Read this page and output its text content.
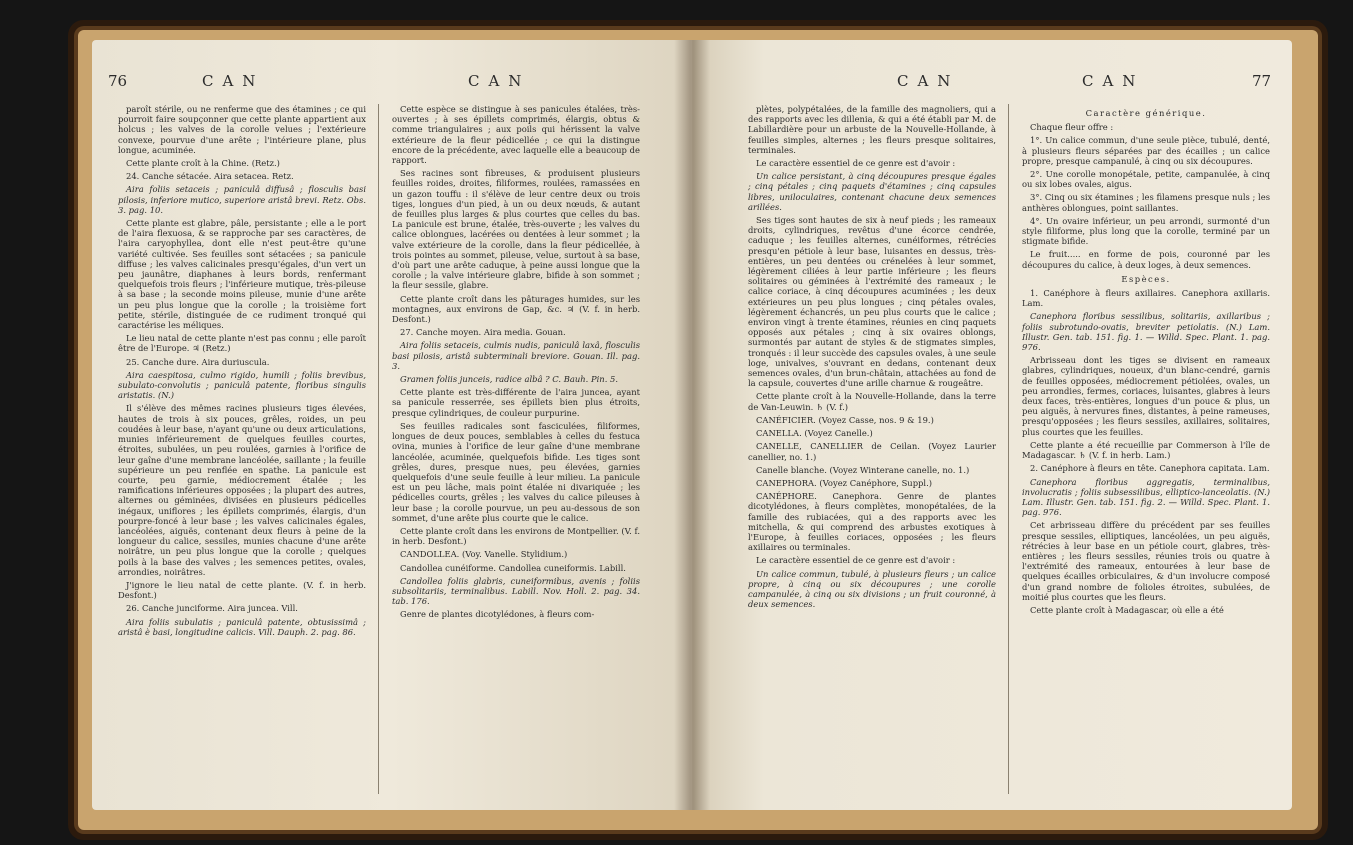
76	CAN	CAN

paroît stérile, ou ne renferme que des étamines ; ce qui pourroit faire soupçonner que cette plante appartient aux holcus ; les valves de la corolle velues ; l'extérieure convexe, pourvue d'une arête ; l'intérieure plane, plus longue, acuminée.

Cette plante croît à la Chine. (Retz.)

24. Canche sétacée. Aira setacea. Retz.

Aira foliis setaceis ; paniculâ diffusâ ; flosculis basi pilosis, inferiore mutico, superiore aristâ brevi. Retz. Obs. 3. pag. 10.

Cette plante est glabre, pâle, persistante ; elle a le port de l'aira flexuosa, & se rapproche par ses caractères, de l'aira caryophyllea, dont elle n'est peut-être qu'une variété cultivée. Ses feuilles sont sétacées ; sa panicule diffuse ; les valves calicinales presqu'égales, d'un vert un peu jaunâtre, diaphanes à leurs bords, renfermant quelquefois trois fleurs ; l'inférieure mutique, très-pileuse à sa base ; la seconde moins pileuse, munie d'une arête un peu plus longue que la corolle ; la troisième fort petite, stérile, distinguée de ce rudiment tronqué qui caractérise les méliques.

Le lieu natal de cette plante n'est pas connu ; elle paroît être de l'Europe. ♃ (Retz.)

25. Canche dure. Aira duriuscula.

Aira caespitosa, culmo rigido, humili ; foliis brevibus, subulato-convolutis ; paniculâ patente, floribus singulis aristatis. (N.)

Il s'élève des mêmes racines plusieurs tiges élevées, hautes de trois à six pouces, grêles, roides, un peu coudées à leur base, n'ayant qu'une ou deux articulations, munies inférieurement de quelques feuilles courtes, étroites, subulées, un peu roulées, garnies à l'orifice de leur gaîne d'une membrane lancéolée, saillante ; la feuille supérieure un peu renflée en spathe. La panicule est courte, peu garnie, médiocrement étalée ; les ramifications inférieures opposées ; la plupart des autres, alternes ou géminées, divisées en plusieurs pédicelles inégaux, uniflores ; les épillets comprimés, élargis, d'un pourpre-foncé à leur base ; les valves calicinales égales, lancéolées, aiguës, contenant deux fleurs à peine de la longueur du calice, sessiles, munies chacune d'une arête noirâtre, un peu plus longue que la corolle ; quelques poils à la base des valves ; les semences petites, ovales, arrondies, noirâtres.

J'ignore le lieu natal de cette plante. (V. f. in herb. Desfont.)

26. Canche junciforme. Aira juncea. Vill.

Aira foliis subulatis ; paniculâ patente, obtusissimâ ; aristâ è basi, longitudine calicis. Vill. Dauph. 2. pag. 86.

Cette espèce se distingue à ses panicules étalées, très-ouvertes ; à ses épillets comprimés, élargis, obtus & comme triangulaires ; aux poils qui hérissent la valve extérieure de la fleur pédicellée ; ce qui la distingue encore de la précédente, avec laquelle elle a beaucoup de rapport.

Ses racines sont fibreuses, & produisent plusieurs feuilles roides, droites, filiformes, roulées, ramassées en un gazon touffu : il s'élève de leur centre deux ou trois tiges, longues d'un pied, à un ou deux nœuds, & autant de feuilles plus larges & plus courtes que celles du bas. La panicule est brune, étalée, très-ouverte ; les valves du calice oblongues, lacérées ou dentées à leur sommet ; la valve extérieure de la corolle, dans la fleur pédicellée, à trois pointes au sommet, pileuse, velue, surtout à sa base, d'où part une arête caduque, à peine aussi longue que la corolle ; la valve intérieure glabre, bifide à son sommet ; la fleur sessile, glabre.

Cette plante croît dans les pâturages humides, sur les montagnes, aux environs de Gap, &c. ♃ (V. f. in herb. Desfont.)

27. Canche moyen. Aira media. Gouan.

Aira foliis setaceis, culmis nudis, paniculâ laxâ, flosculis basi pilosis, aristâ subterminali breviore. Gouan. Ill. pag. 3.

Gramen foliis junceis, radice albâ ? C. Bauh. Pin. 5.

Cette plante est très-différente de l'aira juncea, ayant sa panicule resserrée, ses épillets bien plus étroits, presque cylindriques, de couleur purpurine.

Ses feuilles radicales sont fasciculées, filiformes, longues de deux pouces, semblables à celles du festuca ovina, munies à l'orifice de leur gaîne d'une membrane lancéolée, acuminée, quelquefois bifide. Les tiges sont grêles, dures, presque nues, peu élevées, garnies quelquefois d'une seule feuille à leur milieu. La panicule est un peu lâche, mais point étalée ni divariquée ; les pédicelles courts, grêles ; les valves du calice pileuses à leur base ; la corolle pourvue, un peu au-dessous de son sommet, d'une arête plus courte que le calice.

Cette plante croît dans les environs de Montpellier. (V. f. in herb. Desfont.)

CANDOLLEA. (Voy. Vanelle. Stylidium.)

Candollea cunéiforme. Candollea cuneiformis. Labill.

Candollea foliis glabris, cuneiformibus, avenis ; foliis subsolitariis, terminalibus. Labill. Nov. Holl. 2. pag. 34. tab. 176.

Genre de plantes dicotylédones, à fleurs com-

CAN	CAN	77

plètes, polypétalées, de la famille des magnoliers, qui a des rapports avec les dillenia, & qui a été établi par M. de Labillardière pour un arbuste de la Nouvelle-Hollande, à feuilles simples, alternes ; les fleurs presque solitaires, terminales.

Le caractère essentiel de ce genre est d'avoir :

Un calice persistant, à cinq découpures presque égales ; cinq pétales ; cinq paquets d'étamines ; cinq capsules libres, uniloculaires, contenant chacune deux semences arillées.

Ses tiges sont hautes de six à neuf pieds ; les rameaux droits, cylindriques, revêtus d'une écorce cendrée, caduque ; les feuilles alternes, cunéiformes, rétrécies presqu'en pétiole à leur base, luisantes en dessus, très-entières, un peu dentées ou crénelées à leur sommet, légèrement ciliées à leur partie inférieure ; les fleurs solitaires ou géminées à l'extrémité des rameaux ; le calice coriace, à cinq découpures acuminées ; les deux extérieures un peu plus longues ; cinq pétales ovales, légèrement échancrés, un peu plus courts que le calice ; environ vingt à trente étamines, réunies en cinq paquets opposés aux pétales ; cinq à six ovaires oblongs, surmontés par autant de styles & de stigmates simples, tronqués : il leur succède des capsules ovales, à une seule loge, univalves, s'ouvrant en dedans, contenant deux semences ovales, d'un brun-châtain, attachées au fond de la capsule, couvertes d'une arille charnue & rougeâtre.

Cette plante croît à la Nouvelle-Hollande, dans la terre de Van-Leuwin. ♄ (V. f.)

CANÉFICIER. (Voyez Casse, nos. 9 & 19.)

CANELLA. (Voyez Canelle.)

CANELLE, CANELLIER de Ceilan. (Voyez Laurier canellier, no. 1.)

Canelle blanche. (Voyez Winterane canelle, no. 1.)

CANEPHORA. (Voyez Canéphore, Suppl.)

CANÉPHORE. Canephora. Genre de plantes dicotylédones, à fleurs complètes, monopétalées, de la famille des rubiacées, qui a des rapports avec les mitchella, & qui comprend des arbustes exotiques à l'Europe, à feuilles coriaces, opposées ; les fleurs axillaires ou terminales.

Le caractère essentiel de ce genre est d'avoir :

Un calice commun, tubulé, à plusieurs fleurs ; un calice propre, à cinq ou six découpures ; une corolle campanulée, à cinq ou six divisions ; un fruit couronné, à deux semences.

Caractère générique.

Chaque fleur offre :

1°. Un calice commun, d'une seule pièce, tubulé, denté, à plusieurs fleurs séparées par des écailles ; un calice propre, presque campanulé, à cinq ou six découpures.

2°. Une corolle monopétale, petite, campanulée, à cinq ou six lobes ovales, aigus.

3°. Cinq ou six étamines ; les filamens presque nuls ; les anthères oblongues, point saillantes.

4°. Un ovaire inférieur, un peu arrondi, surmonté d'un style filiforme, plus long que la corolle, terminé par un stigmate bifide.

Le fruit..... en forme de pois, couronné par les découpures du calice, à deux loges, à deux semences.

Espèces.

1. Canéphore à fleurs axillaires. Canephora axillaris. Lam.

Canephora floribus sessilibus, solitariis, axillaribus ; foliis subrotundo-ovatis, breviter petiolatis. (N.) Lam. Illustr. Gen. tab. 151. fig. 1. — Willd. Spec. Plant. 1. pag. 976.

Arbrisseau dont les tiges se divisent en rameaux glabres, cylindriques, noueux, d'un blanc-cendré, garnis de feuilles opposées, médiocrement pétiolées, ovales, un peu arrondies, fermes, coriaces, luisantes, glabres à leurs deux faces, très-entières, longues d'un pouce & plus, un peu aiguës, à nervures fines, distantes, à peine rameuses, presqu'opposées ; les fleurs sessiles, axillaires, solitaires, plus courtes que les feuilles.

Cette plante a été recueillie par Commerson à l'île de Madagascar. ♄ (V. f. in herb. Lam.)

2. Canéphore à fleurs en tête. Canephora capitata. Lam.

Canephora floribus aggregatis, terminalibus, involucratis ; foliis subsessilibus, elliptico-lanceolatis. (N.) Lam. Illustr. Gen. tab. 151. fig. 2. — Willd. Spec. Plant. 1. pag. 976.

Cet arbrisseau diffère du précédent par ses feuilles presque sessiles, elliptiques, lancéolées, un peu aiguës, rétrécies à leur base en un pétiole court, glabres, très-entières ; les fleurs sessiles, réunies trois ou quatre à l'extrémité des rameaux, entourées à leur base de quelques écailles orbiculaires, & d'un involucre composé d'un grand nombre de folioles étroites, subulées, de moitié plus courtes que les fleurs.

Cette plante croît à Madagascar, où elle a été
